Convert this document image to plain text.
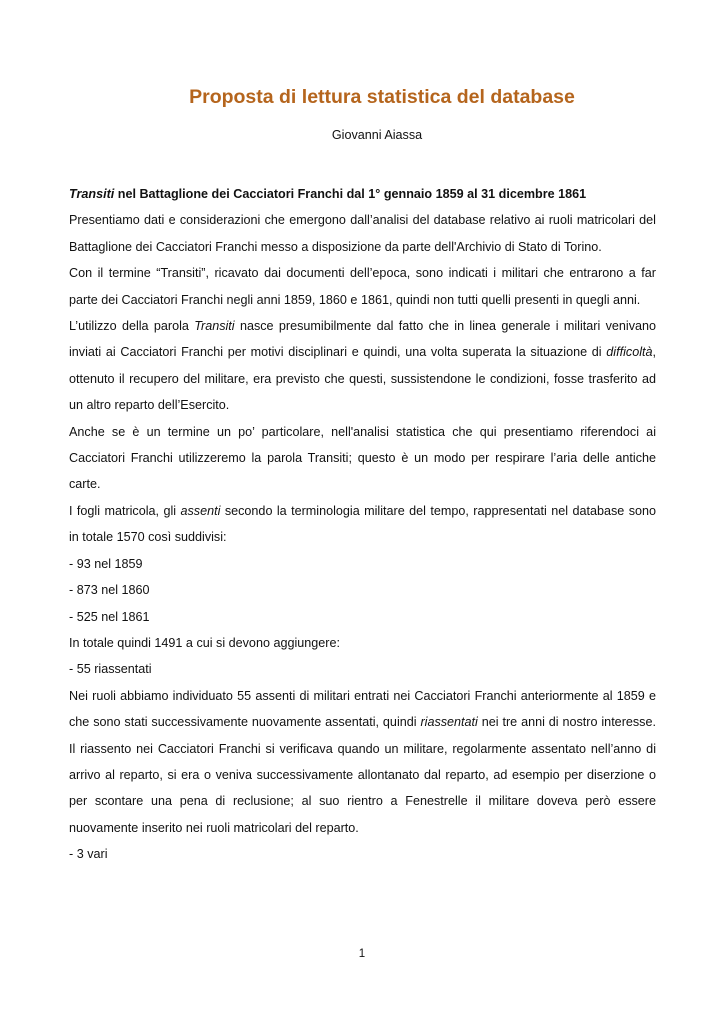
Proposta di lettura statistica del database
Giovanni Aiassa

Transiti nel Battaglione dei Cacciatori Franchi dal 1° gennaio 1859 al 31 dicembre 1861

Presentiamo dati e considerazioni che emergono dall’analisi del database relativo ai ruoli matricolari del Battaglione dei Cacciatori Franchi messo a disposizione da parte dell'Archivio di Stato di Torino.

Con il termine “Transiti”, ricavato dai documenti dell’epoca, sono indicati i militari che entrarono a far parte dei Cacciatori Franchi negli anni 1859, 1860 e 1861, quindi non tutti quelli presenti in quegli anni.

L’utilizzo della parola Transiti nasce presumibilmente dal fatto che in linea generale i militari venivano inviati ai Cacciatori Franchi per motivi disciplinari e quindi, una volta superata la situazione di difficoltà, ottenuto il recupero del militare, era previsto che questi, sussistendone le condizioni, fosse trasferito ad un altro reparto dell’Esercito.

Anche se è un termine un po’ particolare, nell'analisi statistica che qui presentiamo riferendoci ai Cacciatori Franchi utilizzeremo la parola Transiti; questo è un modo per respirare l’aria delle antiche carte.

I fogli matricola, gli assenti secondo la terminologia militare del tempo, rappresentati nel database sono in totale 1570 così suddivisi:

- 93 nel 1859

- 873 nel 1860

- 525 nel 1861

In totale quindi 1491 a cui si devono aggiungere:

- 55 riassentati

Nei ruoli abbiamo individuato 55 assenti di militari entrati nei Cacciatori Franchi anteriormente al 1859 e che sono stati successivamente nuovamente assentati, quindi riassentati nei tre anni di nostro interesse. Il riassento nei Cacciatori Franchi si verificava quando un militare, regolarmente assentato nell’anno di arrivo al reparto, si era o veniva successivamente allontanato dal reparto, ad esempio per diserzione o per scontare una pena di reclusione; al suo rientro a Fenestrelle il militare doveva però essere nuovamente inserito nei ruoli matricolari del reparto.

- 3 vari

1
